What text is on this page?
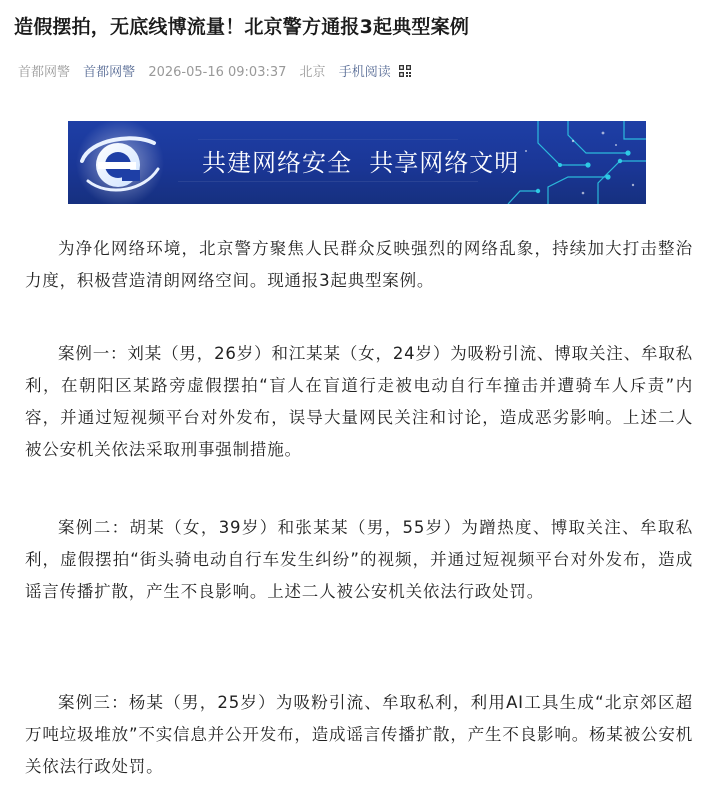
造假摆拍，无底线博流量！北京警方通报3起典型案例
首都网警 首都网警 2026-05-16 09:03:37 北京 手机阅读
共建网络安全  共享网络文明

为净化网络环境，北京警方聚焦人民群众反映强烈的网络乱象，持续加大打击整治力度，积极营造清朗网络空间。现通报3起典型案例。

案例一：刘某（男，26岁）和江某某（女，24岁）为吸粉引流、博取关注、牟取私利，在朝阳区某路旁虚假摆拍“盲人在盲道行走被电动自行车撞击并遭骑车人斥责”内容，并通过短视频平台对外发布，误导大量网民关注和讨论，造成恶劣影响。上述二人被公安机关依法采取刑事强制措施。

案例二：胡某（女，39岁）和张某某（男，55岁）为蹭热度、博取关注、牟取私利，虚假摆拍“街头骑电动自行车发生纠纷”的视频，并通过短视频平台对外发布，造成谣言传播扩散，产生不良影响。上述二人被公安机关依法行政处罚。

案例三：杨某（男，25岁）为吸粉引流、牟取私利，利用AI工具生成“北京郊区超万吨垃圾堆放”不实信息并公开发布，造成谣言传播扩散，产生不良影响。杨某被公安机关依法行政处罚。
